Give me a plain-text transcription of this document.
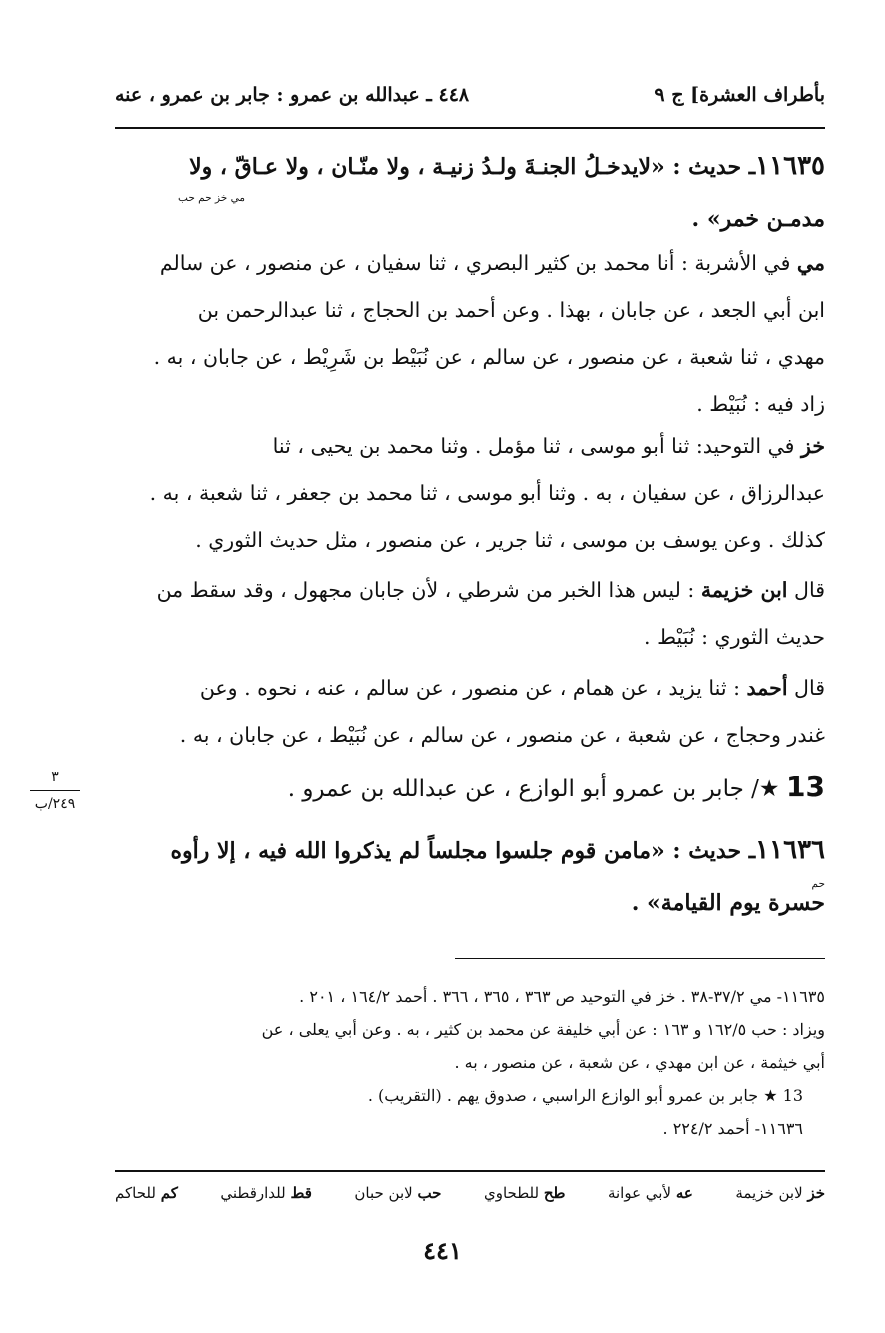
بأطراف العشرة] ج ٩
٤٤٨ ـ عبدالله بن عمرو : جابر بن عمرو ، عنه
١١٦٣٥ـ حديث : «لايدخـلُ الجنـةَ ولـدُ زنيـة ، ولا منّـان ، ولا عـاقّ ، ولا
مدمـن خمر» .
مي خز حم حب
مي في الأشربة : أنا محمد بن كثير البصري ، ثنا سفيان ، عن منصور ، عن سالم
ابن أبي الجعد ، عن جابان ، بهذا . وعن أحمد بن الحجاج ، ثنا عبدالرحمن بن
مهدي ، ثنا شعبة ، عن منصور ، عن سالم ، عن نُبَيْط بن شَرِيْط ، عن جابان ، به .
زاد فيه : نُبَيْط .
خز في التوحيد: ثنا أبو موسى ، ثنا مؤمل . وثنا محمد بن يحيى ، ثنا
عبدالرزاق ، عن سفيان ، به . وثنا أبو موسى ، ثنا محمد بن جعفر ، ثنا شعبة ، به .
كذلك . وعن يوسف بن موسى ، ثنا جرير ، عن منصور ، مثل حديث الثوري .
قال ابن خزيمة : ليس هذا الخبر من شرطي ، لأن جابان مجهول ، وقد سقط من
حديث الثوري : نُبَيْط .
قال أحمد : ثنا يزيد ، عن همام ، عن منصور ، عن سالم ، عنه ، نحوه . وعن
غندر وحجاج ، عن شعبة ، عن منصور ، عن سالم ، عن نُبَيْط ، عن جابان ، به .
13 ★/ جابر بن عمرو أبو الوازع ، عن عبدالله بن عمرو .
٣
٢٤٩/ب
١١٦٣٦ـ حديث : «مامن قوم جلسوا مجلساً لم يذكروا الله فيه ، إلا رأوه
حسرة يوم القيامة» .
حم

١١٦٣٥- مي ٣٧/٢-٣٨ . خز في التوحيد ص ٣٦٣ ، ٣٦٥ ، ٣٦٦ . أحمد ١٦٤/٢ ، ٢٠١ .

ويزاد : حب ١٦٢/٥ و ١٦٣ : عن أبي خليفة عن محمد بن كثير ، به . وعن أبي يعلى ، عن

أبي خيثمة ، عن ابن مهدي ، عن شعبة ، عن منصور ، به .

13 ★ جابر بن عمرو أبو الوازع الراسبي ، صدوق يهم . (التقريب) .

١١٦٣٦- أحمد ٢٢٤/٢ .

خز لابن خزيمة
عه لأبي عوانة
طح للطحاوي
حب لابن حبان
قط للدارقطني
كم للحاكم
٤٤١
